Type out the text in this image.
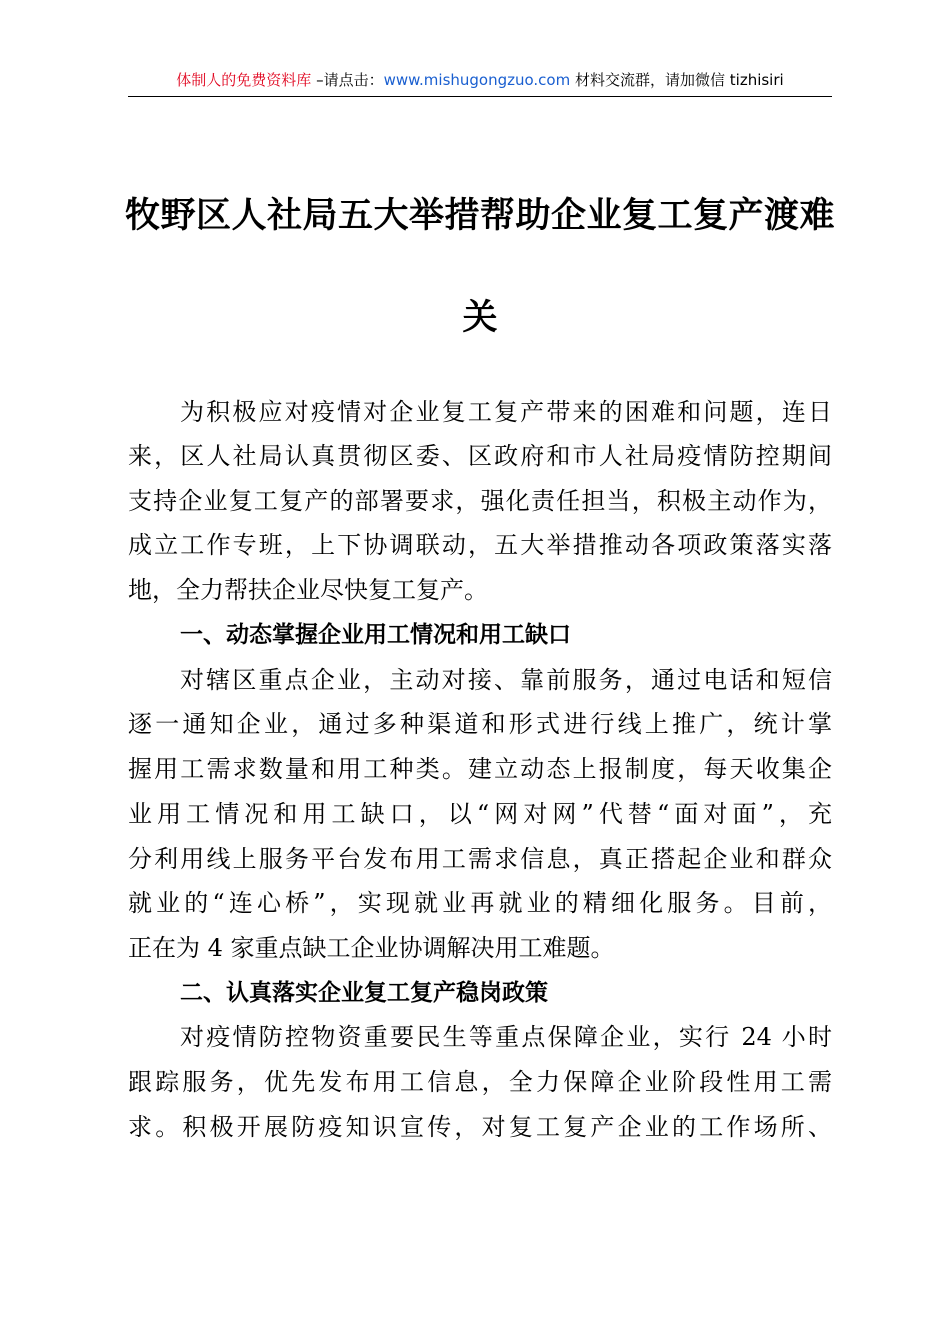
体制人的免费资料库 –请点击：www.mishugongzuo.com 材料交流群，请加微信 tizhisiri
牧野区人社局五大举措帮助企业复工复产渡难
关
为积极应对疫情对企业复工复产带来的困难和问题，连日
来，区人社局认真贯彻区委、区政府和市人社局疫情防控期间
支持企业复工复产的部署要求，强化责任担当，积极主动作为，
成立工作专班，上下协调联动，五大举措推动各项政策落实落
地，全力帮扶企业尽快复工复产。
一、动态掌握企业用工情况和用工缺口
对辖区重点企业，主动对接、靠前服务，通过电话和短信
逐一通知企业，通过多种渠道和形式进行线上推广，统计掌
握用工需求数量和用工种类。建立动态上报制度，每天收集企
业用工情况和用工缺口，以“网对网”代替“面对面”，充
分利用线上服务平台发布用工需求信息，真正搭起企业和群众
就业的“连心桥”，实现就业再就业的精细化服务。目前，
正在为 4 家重点缺工企业协调解决用工难题。
二、认真落实企业复工复产稳岗政策
对疫情防控物资重要民生等重点保障企业，实行 24 小时
跟踪服务，优先发布用工信息，全力保障企业阶段性用工需
求。积极开展防疫知识宣传，对复工复产企业的工作场所、
